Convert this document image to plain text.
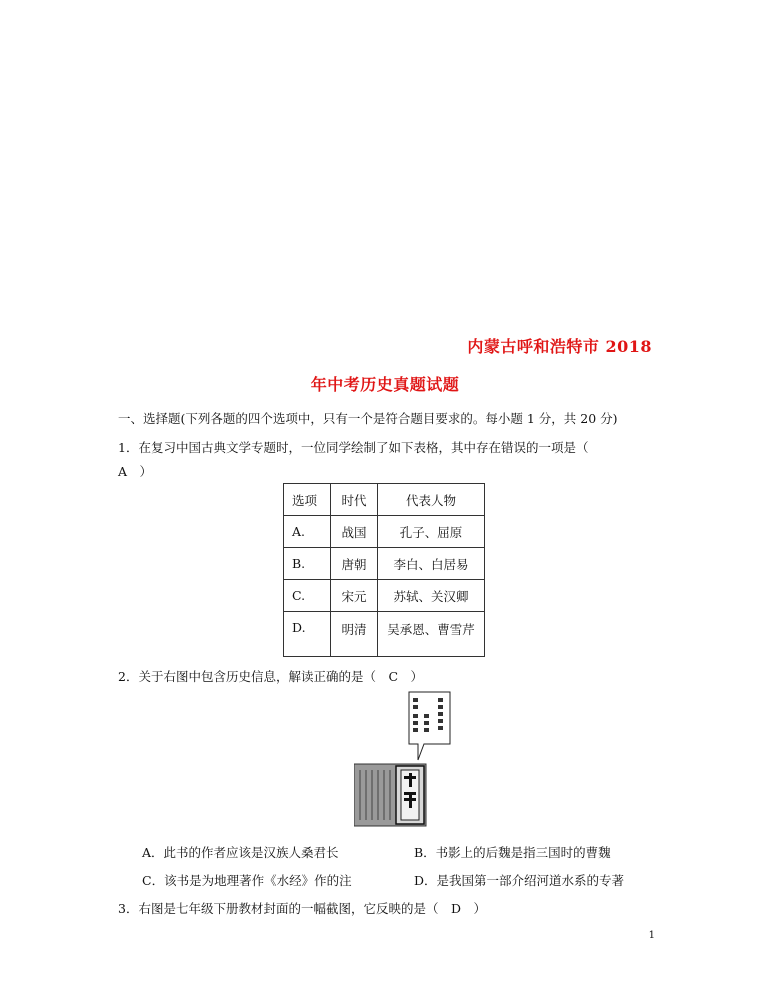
内蒙古呼和浩特市 2018
年中考历史真题试题
一、选择题(下列各题的四个选项中，只有一个是符合题目要求的。每小题 1 分，共 20 分)
1．在复习中国古典文学专题时，一位同学绘制了如下表格，其中存在错误的一项是（
A　）
选项	时代	代表人物
A.	战国	孔子、屈原
B.	唐朝	李白、白居易
C.	宋元	苏轼、关汉卿
D.	明清	吴承恩、曹雪芹
2．关于右图中包含历史信息，解读正确的是（　C　）
A．此书的作者应该是汉族人桑君长	B．书影上的后魏是指三国时的曹魏
C．该书是为地理著作《水经》作的注	D．是我国第一部介绍河道水系的专著
3．右图是七年级下册教材封面的一幅截图，它反映的是（　D　）
1
